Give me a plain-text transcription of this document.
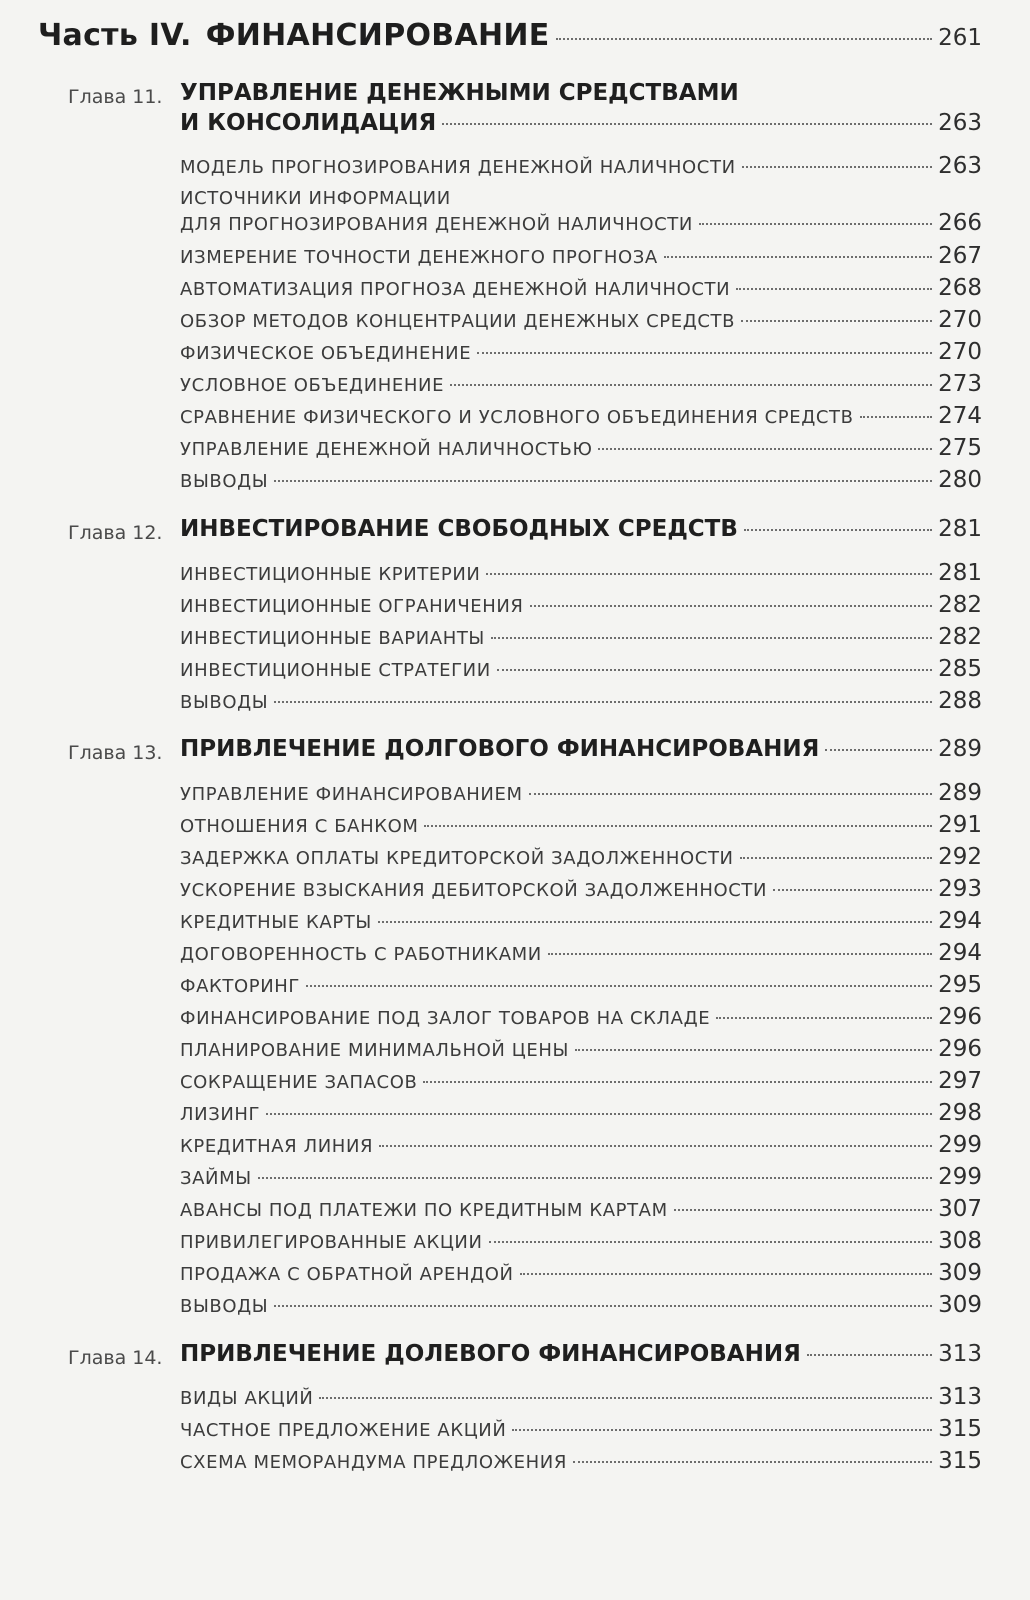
Часть IV. ФИНАНСИРОВАНИЕ	261
Глава 11. УПРАВЛЕНИЕ ДЕНЕЖНЫМИ СРЕДСТВАМИ
И КОНСОЛИДАЦИЯ	263
МОДЕЛЬ ПРОГНОЗИРОВАНИЯ ДЕНЕЖНОЙ НАЛИЧНОСТИ	263
ИСТОЧНИКИ ИНФОРМАЦИИ
ДЛЯ ПРОГНОЗИРОВАНИЯ ДЕНЕЖНОЙ НАЛИЧНОСТИ	266
ИЗМЕРЕНИЕ ТОЧНОСТИ ДЕНЕЖНОГО ПРОГНОЗА	267
АВТОМАТИЗАЦИЯ ПРОГНОЗА ДЕНЕЖНОЙ НАЛИЧНОСТИ	268
ОБЗОР МЕТОДОВ КОНЦЕНТРАЦИИ ДЕНЕЖНЫХ СРЕДСТВ	270
ФИЗИЧЕСКОЕ ОБЪЕДИНЕНИЕ	270
УСЛОВНОЕ ОБЪЕДИНЕНИЕ	273
СРАВНЕНИЕ ФИЗИЧЕСКОГО И УСЛОВНОГО ОБЪЕДИНЕНИЯ СРЕДСТВ	274
УПРАВЛЕНИЕ ДЕНЕЖНОЙ НАЛИЧНОСТЬЮ	275
ВЫВОДЫ	280
Глава 12. ИНВЕСТИРОВАНИЕ СВОБОДНЫХ СРЕДСТВ	281
ИНВЕСТИЦИОННЫЕ КРИТЕРИИ	281
ИНВЕСТИЦИОННЫЕ ОГРАНИЧЕНИЯ	282
ИНВЕСТИЦИОННЫЕ ВАРИАНТЫ	282
ИНВЕСТИЦИОННЫЕ СТРАТЕГИИ	285
ВЫВОДЫ	288
Глава 13. ПРИВЛЕЧЕНИЕ ДОЛГОВОГО ФИНАНСИРОВАНИЯ	289
УПРАВЛЕНИЕ ФИНАНСИРОВАНИЕМ	289
ОТНОШЕНИЯ С БАНКОМ	291
ЗАДЕРЖКА ОПЛАТЫ КРЕДИТОРСКОЙ ЗАДОЛЖЕННОСТИ	292
УСКОРЕНИЕ ВЗЫСКАНИЯ ДЕБИТОРСКОЙ ЗАДОЛЖЕННОСТИ	293
КРЕДИТНЫЕ КАРТЫ	294
ДОГОВОРЕННОСТЬ С РАБОТНИКАМИ	294
ФАКТОРИНГ	295
ФИНАНСИРОВАНИЕ ПОД ЗАЛОГ ТОВАРОВ НА СКЛАДЕ	296
ПЛАНИРОВАНИЕ МИНИМАЛЬНОЙ ЦЕНЫ	296
СОКРАЩЕНИЕ ЗАПАСОВ	297
ЛИЗИНГ	298
КРЕДИТНАЯ ЛИНИЯ	299
ЗАЙМЫ	299
АВАНСЫ ПОД ПЛАТЕЖИ ПО КРЕДИТНЫМ КАРТАМ	307
ПРИВИЛЕГИРОВАННЫЕ АКЦИИ	308
ПРОДАЖА С ОБРАТНОЙ АРЕНДОЙ	309
ВЫВОДЫ	309
Глава 14. ПРИВЛЕЧЕНИЕ ДОЛЕВОГО ФИНАНСИРОВАНИЯ	313
ВИДЫ АКЦИЙ	313
ЧАСТНОЕ ПРЕДЛОЖЕНИЕ АКЦИЙ	315
СХЕМА МЕМОРАНДУМА ПРЕДЛОЖЕНИЯ	315
